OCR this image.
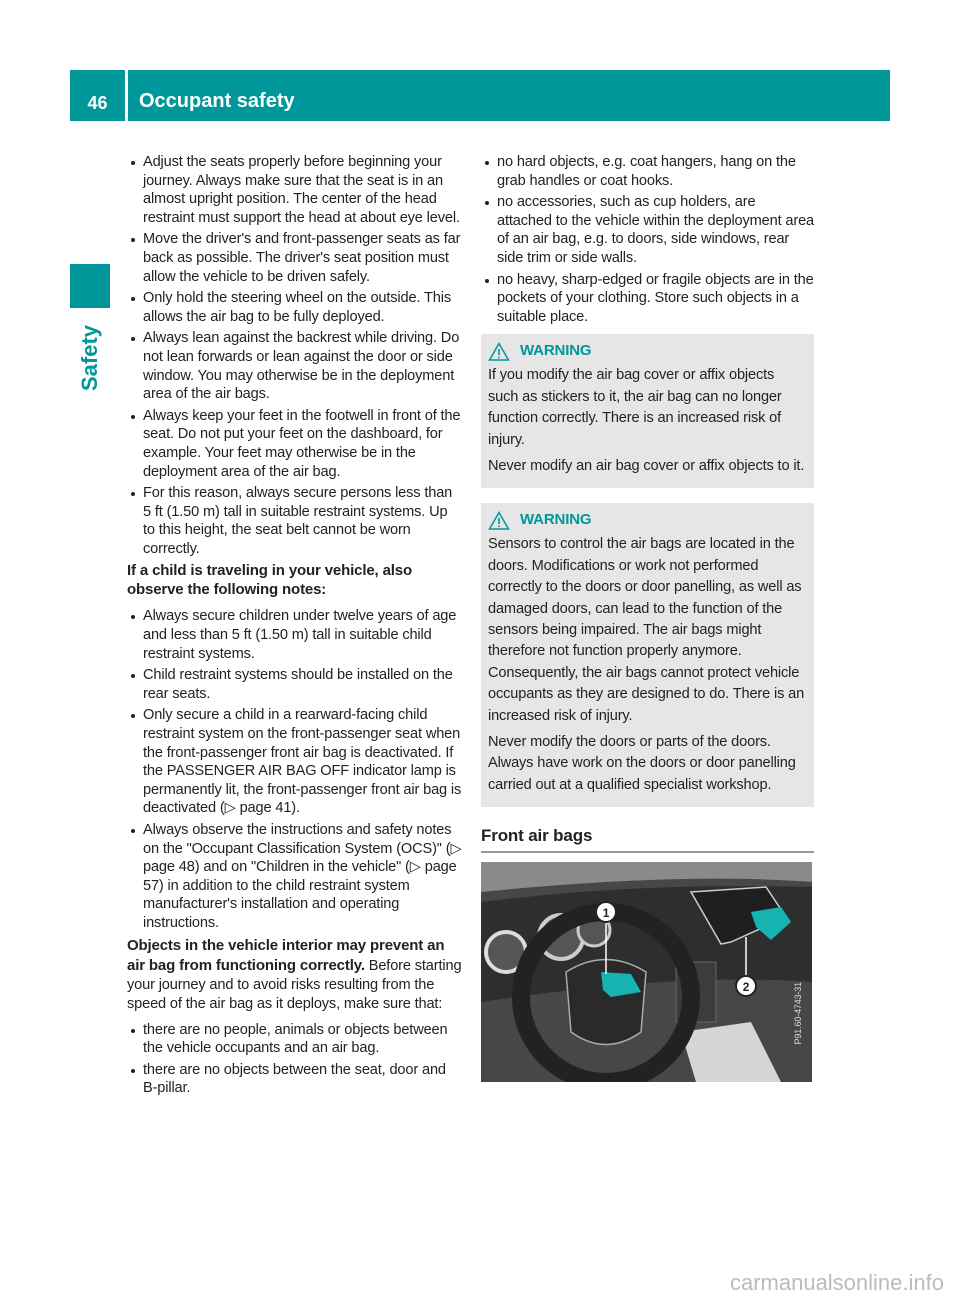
46	Occupant safety
Safety
Adjust the seats properly before beginning your journey. Always make sure that the seat is in an almost upright position. The center of the head restraint must support the head at about eye level.
Move the driver's and front-passenger seats as far back as possible. The driver's seat position must allow the vehicle to be driven safely.
Only hold the steering wheel on the outside. This allows the air bag to be fully deployed.
Always lean against the backrest while driving. Do not lean forwards or lean against the door or side window. You may otherwise be in the deployment area of the air bags.
Always keep your feet in the footwell in front of the seat. Do not put your feet on the dashboard, for example. Your feet may otherwise be in the deployment area of the air bag.
For this reason, always secure persons less than 5 ft (1.50 m) tall in suitable restraint systems. Up to this height, the seat belt cannot be worn correctly.

If a child is traveling in your vehicle, also observe the following notes:

Always secure children under twelve years of age and less than 5 ft (1.50 m) tall in suitable child restraint systems.
Child restraint systems should be installed on the rear seats.
Only secure a child in a rearward-facing child restraint system on the front-passenger seat when the front-passenger front air bag is deactivated. If the PASSENGER AIR BAG OFF indicator lamp is permanently lit, the front-passenger front air bag is deactivated (▷ page 41).
Always observe the instructions and safety notes on the "Occupant Classification System (OCS)" (▷ page 48) and on "Children in the vehicle" (▷ page 57) in addition to the child restraint system manufacturer's installation and operating instructions.

Objects in the vehicle interior may prevent an air bag from functioning correctly. Before starting your journey and to avoid risks resulting from the speed of the air bag as it deploys, make sure that:

there are no people, animals or objects between the vehicle occupants and an air bag.
there are no objects between the seat, door and B-pillar.
no hard objects, e.g. coat hangers, hang on the grab handles or coat hooks.
no accessories, such as cup holders, are attached to the vehicle within the deployment area of an air bag, e.g. to doors, side windows, rear side trim or side walls.
no heavy, sharp-edged or fragile objects are in the pockets of your clothing. Store such objects in a suitable place.
WARNING

If you modify the air bag cover or affix objects such as stickers to it, the air bag can no longer function correctly. There is an increased risk of injury.

Never modify an air bag cover or affix objects to it.

WARNING

Sensors to control the air bags are located in the doors. Modifications or work not performed correctly to the doors or door panelling, as well as damaged doors, can lead to the function of the sensors being impaired. The air bags might therefore not function properly anymore. Consequently, the air bags cannot protect vehicle occupants as they are designed to do. There is an increased risk of injury.

Never modify the doors or parts of the doors. Always have work on the doors or door panelling carried out at a qualified specialist workshop.

Front air bags
1
2	P91.60-4743-31
carmanualsonline.info
